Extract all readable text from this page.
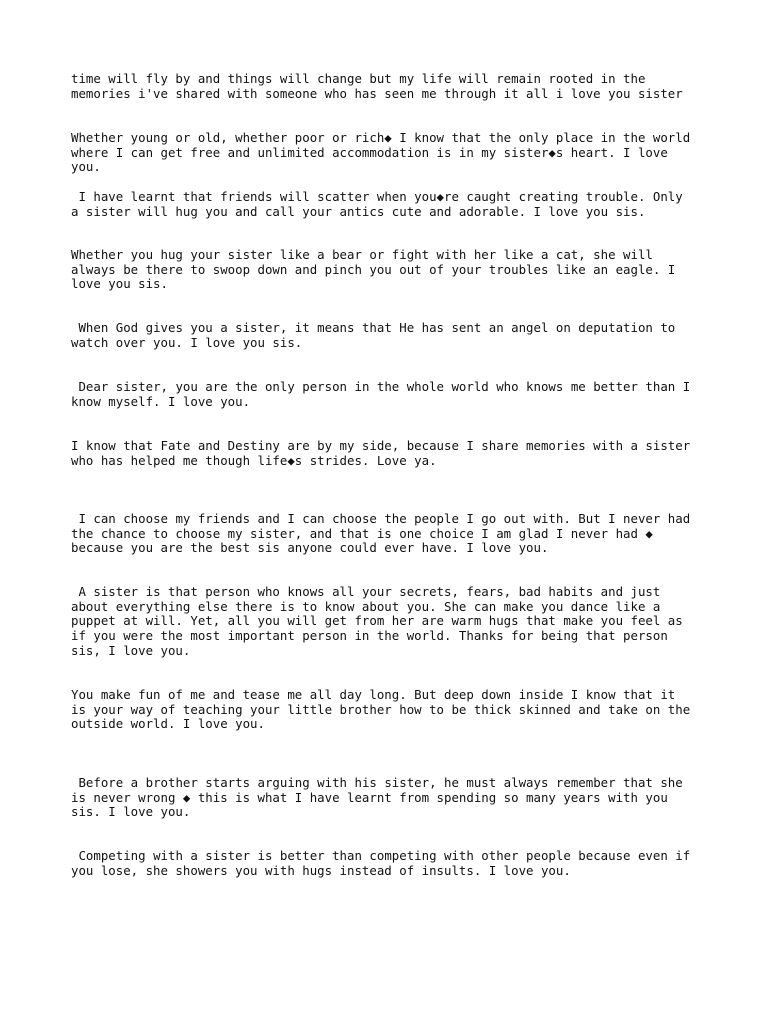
time will fly by and things will change but my life will remain rooted in the
memories i've shared with someone who has seen me through it all i love you sister

Whether young or old, whether poor or rich◆ I know that the only place in the world
where I can get free and unlimited accommodation is in my sister◆s heart. I love
you.

I have learnt that friends will scatter when you◆re caught creating trouble. Only
a sister will hug you and call your antics cute and adorable. I love you sis.

Whether you hug your sister like a bear or fight with her like a cat, she will
always be there to swoop down and pinch you out of your troubles like an eagle. I
love you sis.

When God gives you a sister, it means that He has sent an angel on deputation to
watch over you. I love you sis.

Dear sister, you are the only person in the whole world who knows me better than I
know myself. I love you.

I know that Fate and Destiny are by my side, because I share memories with a sister
who has helped me though life◆s strides. Love ya.

I can choose my friends and I can choose the people I go out with. But I never had
the chance to choose my sister, and that is one choice I am glad I never had ◆
because you are the best sis anyone could ever have. I love you.

A sister is that person who knows all your secrets, fears, bad habits and just
about everything else there is to know about you. She can make you dance like a
puppet at will. Yet, all you will get from her are warm hugs that make you feel as
if you were the most important person in the world. Thanks for being that person
sis, I love you.

You make fun of me and tease me all day long. But deep down inside I know that it
is your way of teaching your little brother how to be thick skinned and take on the
outside world. I love you.

Before a brother starts arguing with his sister, he must always remember that she
is never wrong ◆ this is what I have learnt from spending so many years with you
sis. I love you.

Competing with a sister is better than competing with other people because even if
you lose, she showers you with hugs instead of insults. I love you.
